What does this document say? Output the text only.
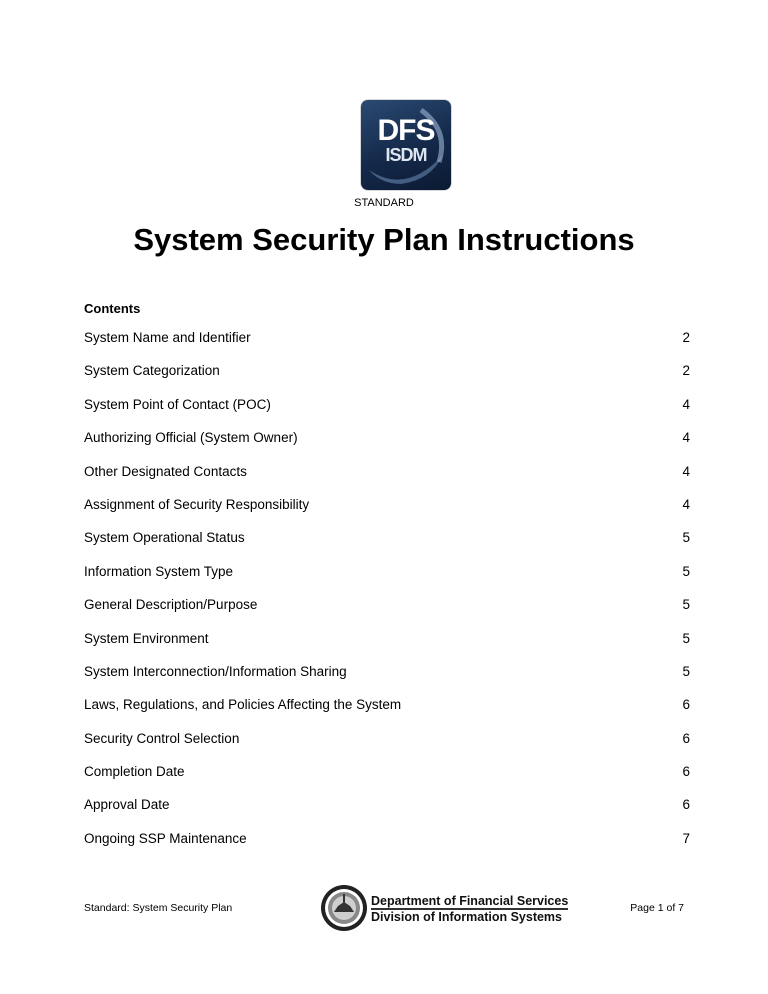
DFS
ISDM
STANDARD
System Security Plan Instructions
Contents
System Name and Identifier	2
System Categorization	2
System Point of Contact (POC)	4
Authorizing Official (System Owner)	4
Other Designated Contacts	4
Assignment of Security Responsibility	4
System Operational Status	5
Information System Type	5
General Description/Purpose	5
System Environment	5
System Interconnection/Information Sharing	5
Laws, Regulations, and Policies Affecting the System	6
Security Control Selection	6
Completion Date	6
Approval Date	6
Ongoing SSP Maintenance	7
Standard: System Security Plan	Department of Financial Services
Division of Information Systems
Page 1 of 7
